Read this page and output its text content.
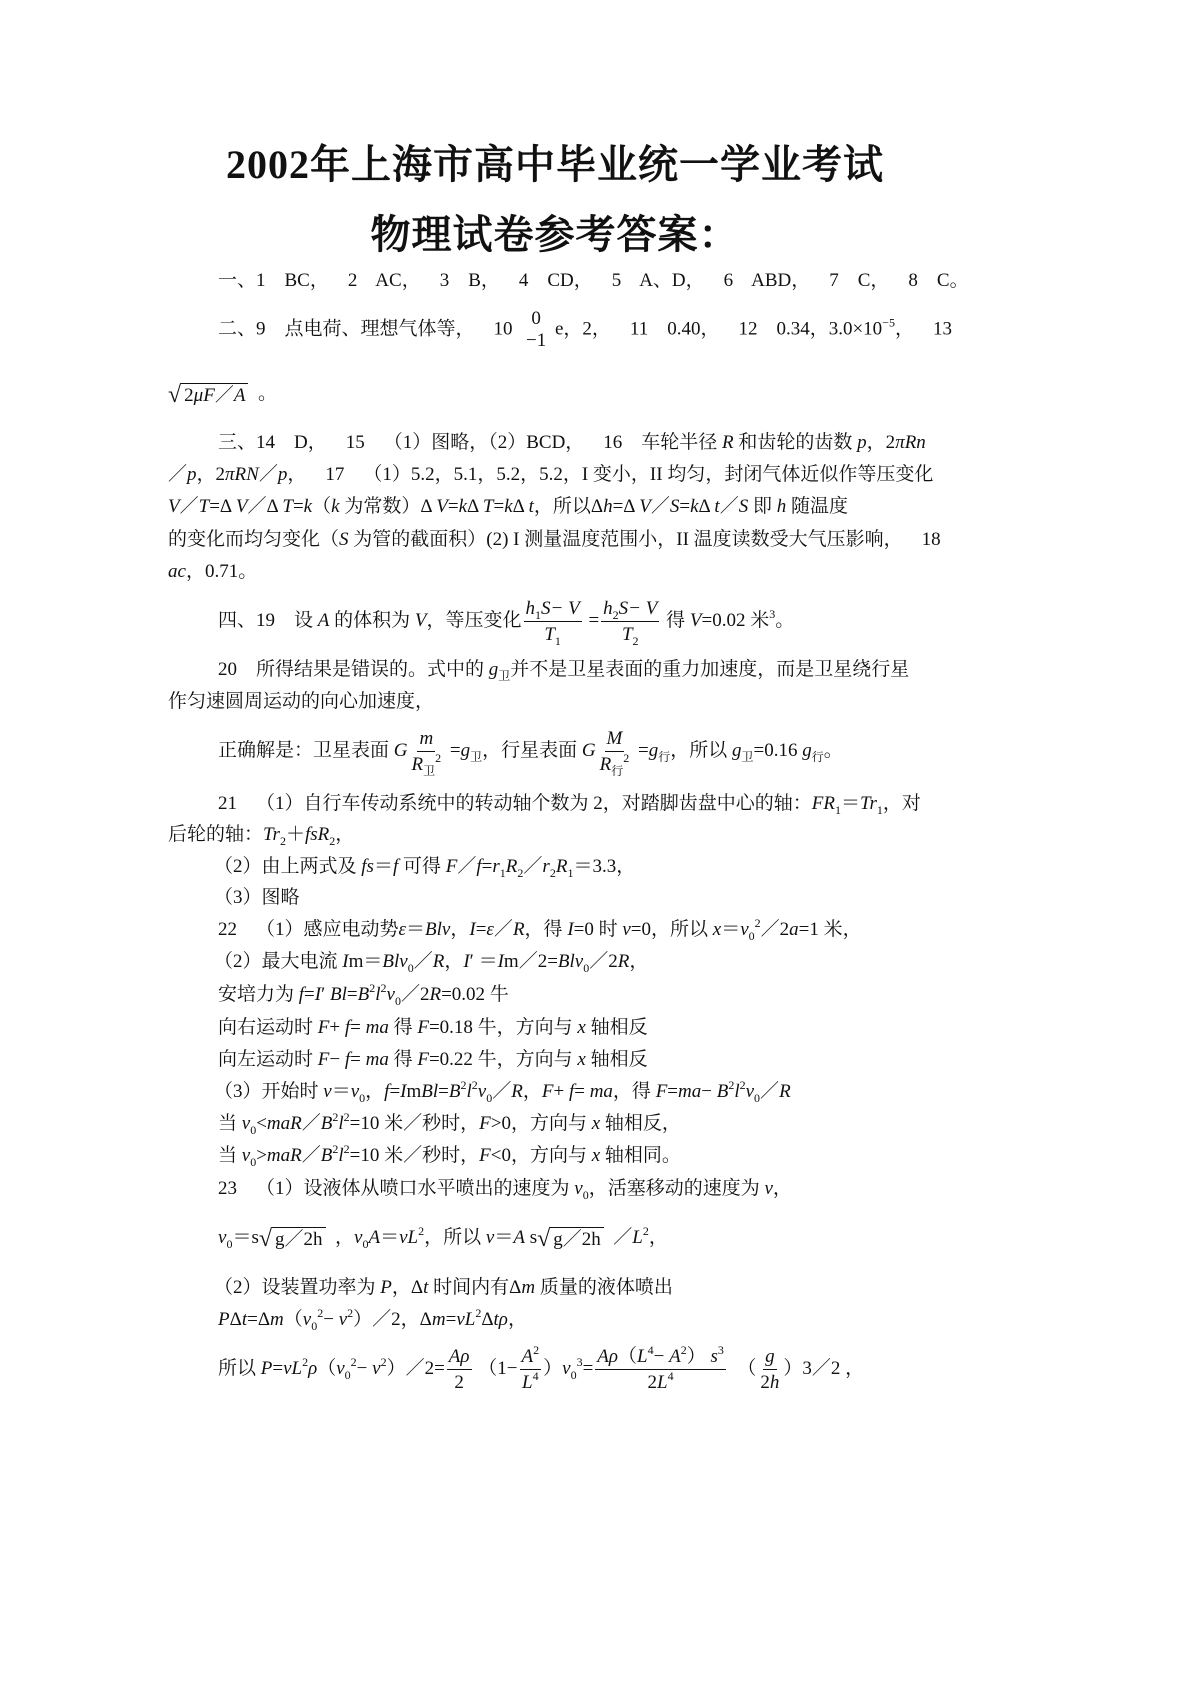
2002年上海市高中毕业统一学业考试
物理试卷参考答案：
一、1    BC，    2    AC，    3    B，    4    CD，    5    A、D，    6    ABD，    7    C，    8    C。
二、9    点电荷、理想气体等，    10 0
−1
e，2，    11    0.40，    12    0.34，$3.0\times 10^{-5}$，    13
√ 2μF／A 。
三、14    D，    15    （1）图略，（2）BCD，    16    车轮半径 R 和齿轮的齿数 p，2πRn
／p，2πRN／p，    17    （1）5.2，5.1，5.2，5.2，I 变小，II 均匀，封闭气体近似作等压变化
V／T=Δ V／Δ T=k（k 为常数）Δ V=kΔ T=kΔ t，所以Δh=Δ V／S=kΔ t／S 即 h 随温度
的变化而均匀变化（S 为管的截面积）(2) I 测量温度范围小，II 温度读数受大气压影响，    18
ac，0.71。
四、19    设 A 的体积为 V，等压变化 $\frac{h_1S- V}{T_1} = \frac{h_2S- V}{T_2}$ 得 V=0.02 米$^3$。
20    所得结果是错误的。式中的 $g_卫$并不是卫星表面的重力加速度，而是卫星绕行星
作匀速圆周运动的向心加速度，
正确解是：卫星表面 G $\frac{m}{R_卫^2} =g_卫$，行星表面 G $\frac{M}{R_行^2} =g_行$，所以 $g_卫=0.16$ $g_行$。
21    （1）自行车传动系统中的转动轴个数为 2，对踏脚齿盘中心的轴：$FR_1=Tr_1$，对
后轮的轴：$Tr_2+fsR_2$，
（2）由上两式及 fs＝f 可得 $F/f=r_1R_2/r_2R_1=3.3$，
（3）图略
22    （1）感应电动势ε＝Blv，I=ε／R，得 I=0 时 v=0，所以 $x=v_0^2/2a=1$ 米，
（2）最大电流 Im＝Blv$_0$／R，I′ ＝Im／2=Blv$_0$／2R，
安培力为 f=I′ $Bl=B^2l^2v_0/2R=0.02$ 牛
向右运动时 F+ f= ma 得 F=0.18 牛，方向与 x 轴相反
向左运动时 F− f= ma 得 F=0.22 牛，方向与 x 轴相反
（3）开始时 $v=v_0$，$f=ImBl=B^2l^2v_0/R$，F+ f= ma，得 $F=ma- B^2l^2v_0/R$
当 $v_0<maR/B^2l^2=10$ 米／秒时，F>0，方向与 x 轴相反，
当 $v_0>maR/B^2l^2=10$ 米／秒时，F<0，方向与 x 轴相同。
23    （1）设液体从喷口水平喷出的速度为 $v_0$，活塞移动的速度为 v，
$v_0=s$ √ g／2h ，$v_0A=vL^2$，所以 v＝A s √ g／2h $/L^2$，
（2）设装置功率为 P，Δt 时间内有Δm 质量的液体喷出
$P\Delta t=\Delta m(v_0^2-$ $v^2)/2$，$\Delta m=vL^2\Delta t\rho$，
所以 $P=vL^2\rho(v_0^2-$ $v^2)/2= \frac{A\rho}{2} (1- \frac{A^2}{L^4} )v_0^3= \frac{A\rho(L^4- A^2) s^3}{2L^4}$ （ $\frac{g}{2h}$ ）3／2 ，
